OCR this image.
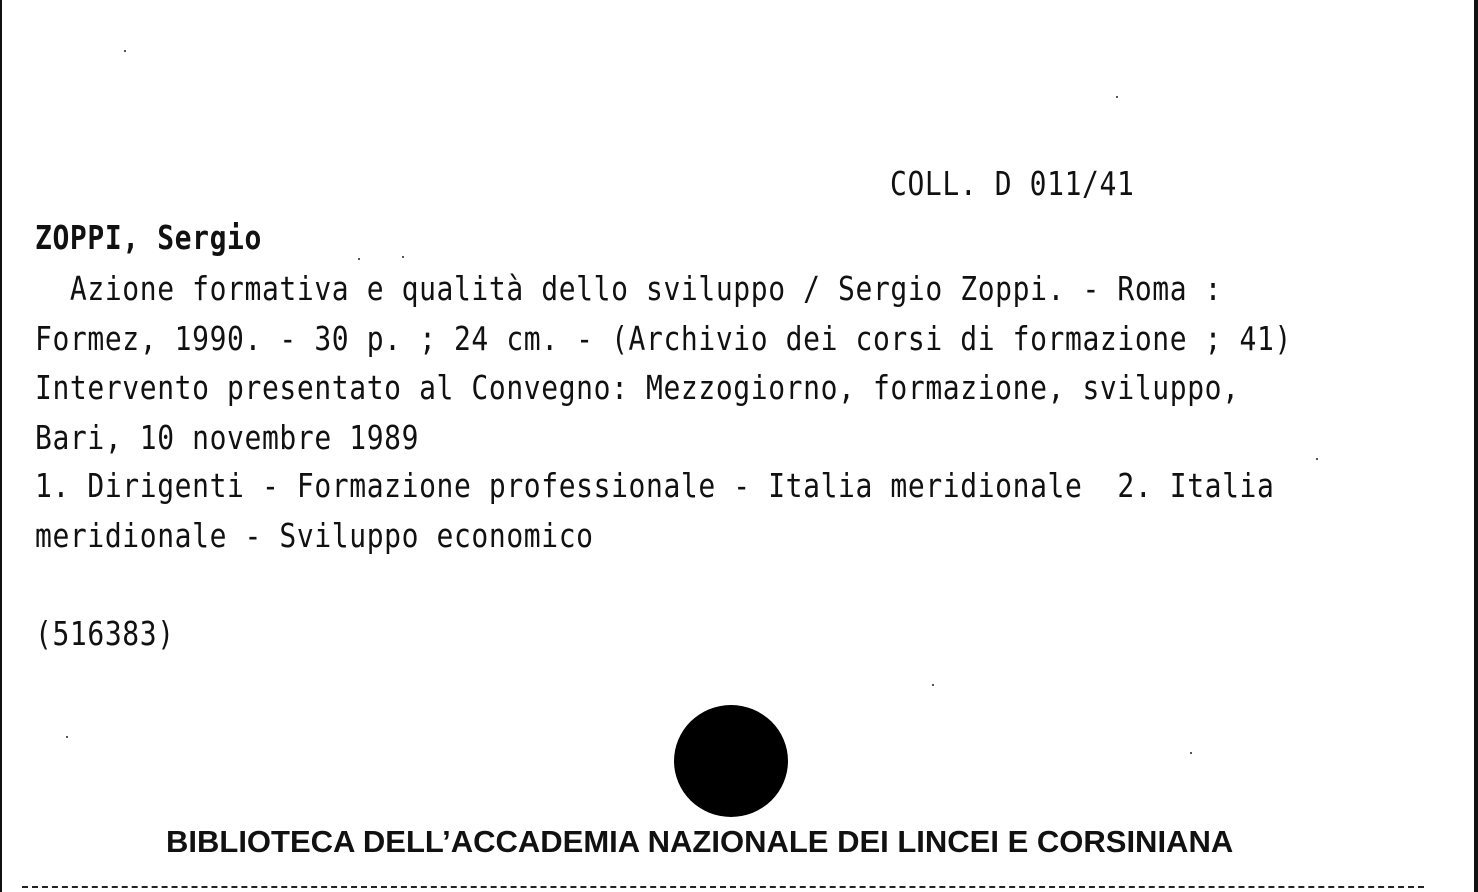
COLL. D 011/41
ZOPPI, Sergio
Azione formativa e qualità dello sviluppo / Sergio Zoppi. - Roma :
Formez, 1990. - 30 p. ; 24 cm. - (Archivio dei corsi di formazione ; 41)
Intervento presentato al Convegno: Mezzogiorno, formazione, sviluppo,
Bari, 10 novembre 1989
1. Dirigenti - Formazione professionale - Italia meridionale  2. Italia
meridionale - Sviluppo economico
(516383)
BIBLIOTECA DELL’ACCADEMIA NAZIONALE DEI LINCEI E CORSINIANA
